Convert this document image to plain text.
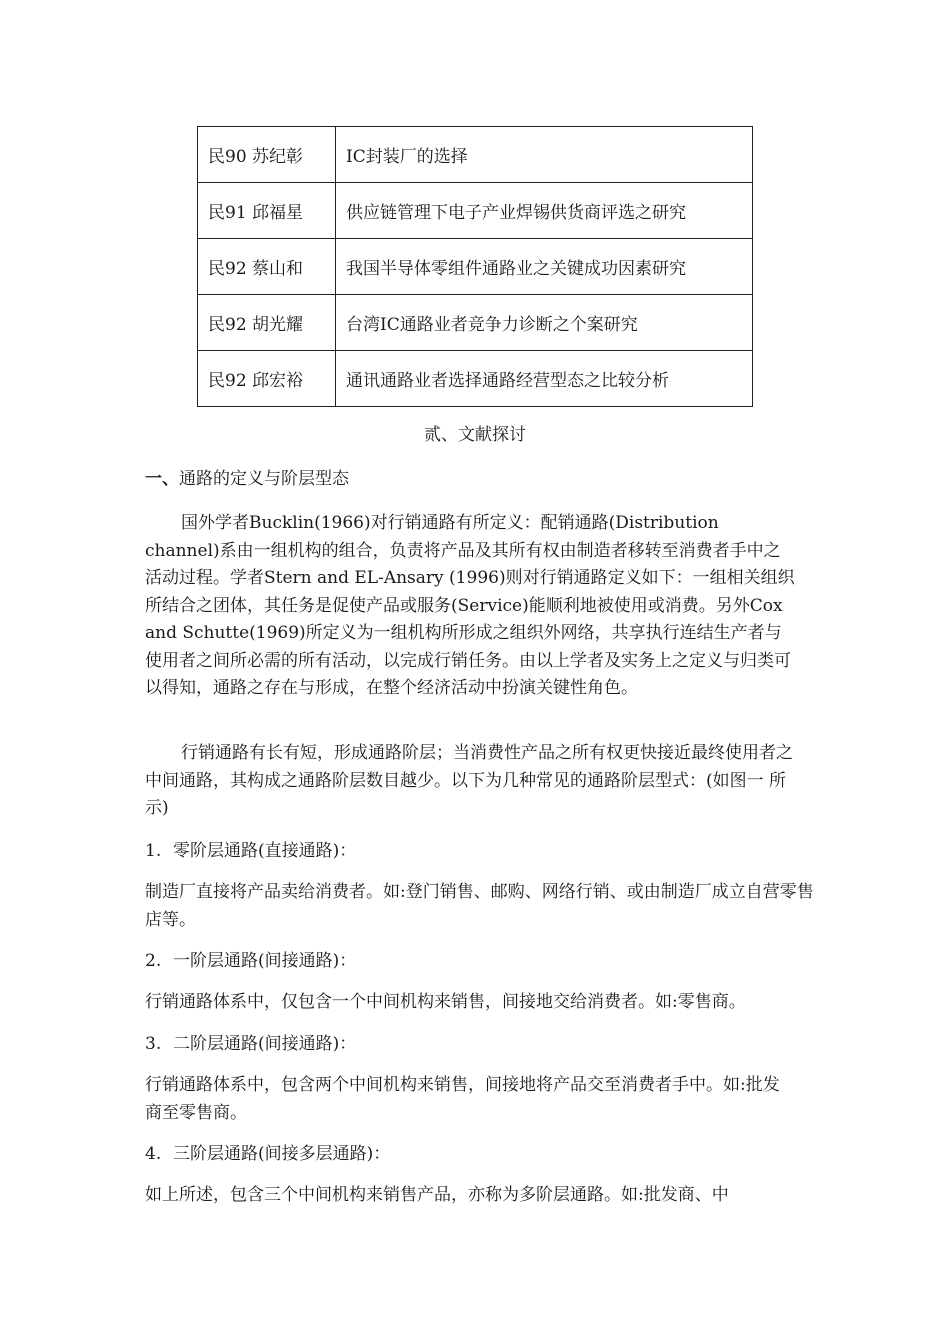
民90 苏纪彰	IC封装厂的选择
民91 邱福星	供应链管理下电子产业焊锡供货商评选之研究
民92 蔡山和	我国半导体零组件通路业之关键成功因素研究
民92 胡光耀	台湾IC通路业者竞争力诊断之个案研究
民92 邱宏裕	通讯通路业者选择通路经营型态之比较分析
贰、文献探讨
一、通路的定义与阶层型态
国外学者Bucklin(1966)对行销通路有所定义：配销通路(Distribution channel)系由一组机构的组合，负责将产品及其所有权由制造者移转至消费者手中之活动过程。学者Stern and EL-Ansary (1996)则对行销通路定义如下：一组相关组织所结合之团体，其任务是促使产品或服务(Service)能顺利地被使用或消费。另外Cox and Schutte(1969)所定义为一组机构所形成之组织外网络，共享执行连结生产者与使用者之间所必需的所有活动，以完成行销任务。由以上学者及实务上之定义与归类可以得知，通路之存在与形成，在整个经济活动中扮演关键性角色。
行销通路有长有短，形成通路阶层；当消费性产品之所有权更快接近最终使用者之中间通路，其构成之通路阶层数目越少。以下为几种常见的通路阶层型式：(如图一 所示)
1. 零阶层通路(直接通路)：
制造厂直接将产品卖给消费者。如:登门销售、邮购、网络行销、或由制造厂成立自营零售店等。
2. 一阶层通路(间接通路)：
行销通路体系中，仅包含一个中间机构来销售，间接地交给消费者。如:零售商。
3. 二阶层通路(间接通路)：
行销通路体系中，包含两个中间机构来销售，间接地将产品交至消费者手中。如:批发商至零售商。
4. 三阶层通路(间接多层通路)：
如上所述，包含三个中间机构来销售产品，亦称为多阶层通路。如:批发商、中
